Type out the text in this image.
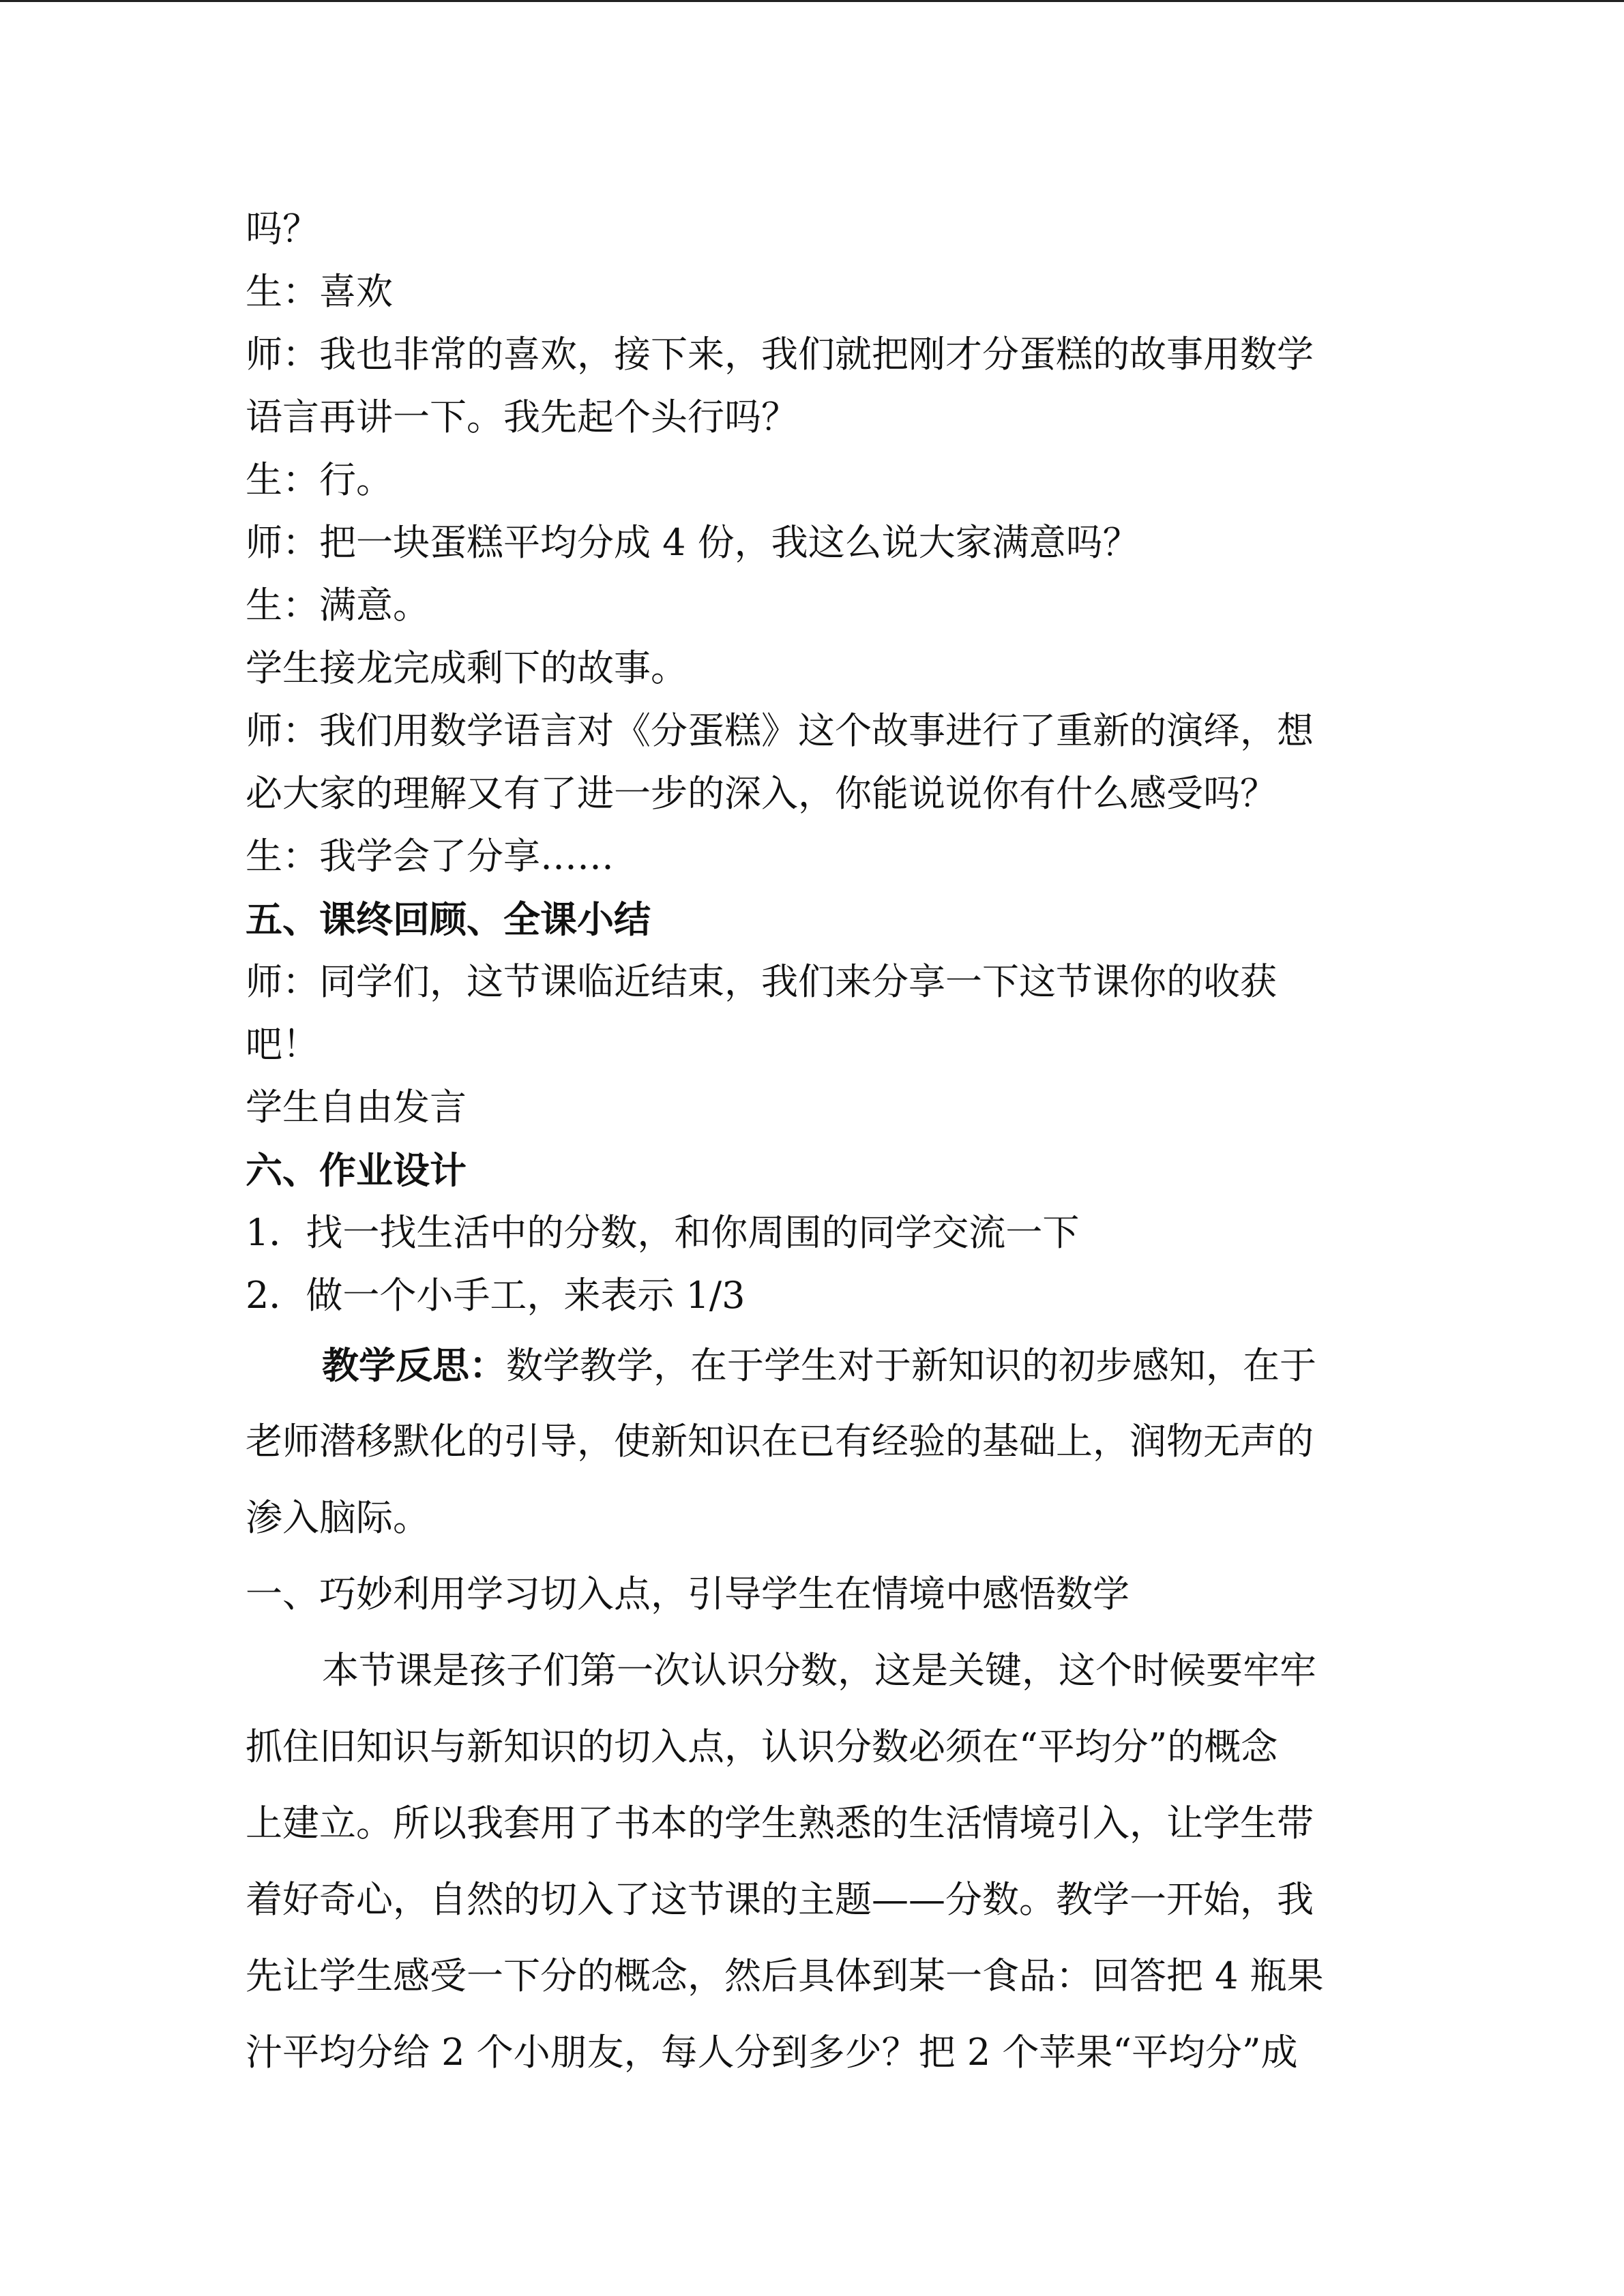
吗？
生：喜欢
师：我也非常的喜欢，接下来，我们就把刚才分蛋糕的故事用数学
语言再讲一下。我先起个头行吗？
生：行。
师：把一块蛋糕平均分成 4 份，我这么说大家满意吗？
生：满意。
学生接龙完成剩下的故事。
师：我们用数学语言对《分蛋糕》这个故事进行了重新的演绎，想
必大家的理解又有了进一步的深入，你能说说你有什么感受吗？
生：我学会了分享……
五、课终回顾、全课小结
师：同学们，这节课临近结束，我们来分享一下这节课你的收获
吧！
学生自由发言
六、作业设计
1．找一找生活中的分数，和你周围的同学交流一下
2．做一个小手工，来表示 1/3
教学反思：数学教学，在于学生对于新知识的初步感知，在于
老师潜移默化的引导，使新知识在已有经验的基础上，润物无声的
渗入脑际。
一、巧妙利用学习切入点，引导学生在情境中感悟数学
本节课是孩子们第一次认识分数，这是关键，这个时候要牢牢
抓住旧知识与新知识的切入点，认识分数必须在“平均分”的概念
上建立。所以我套用了书本的学生熟悉的生活情境引入，让学生带
着好奇心，自然的切入了这节课的主题——分数。教学一开始，我
先让学生感受一下分的概念，然后具体到某一食品：回答把 4 瓶果
汁平均分给 2 个小朋友，每人分到多少？把 2 个苹果“平均分”成
